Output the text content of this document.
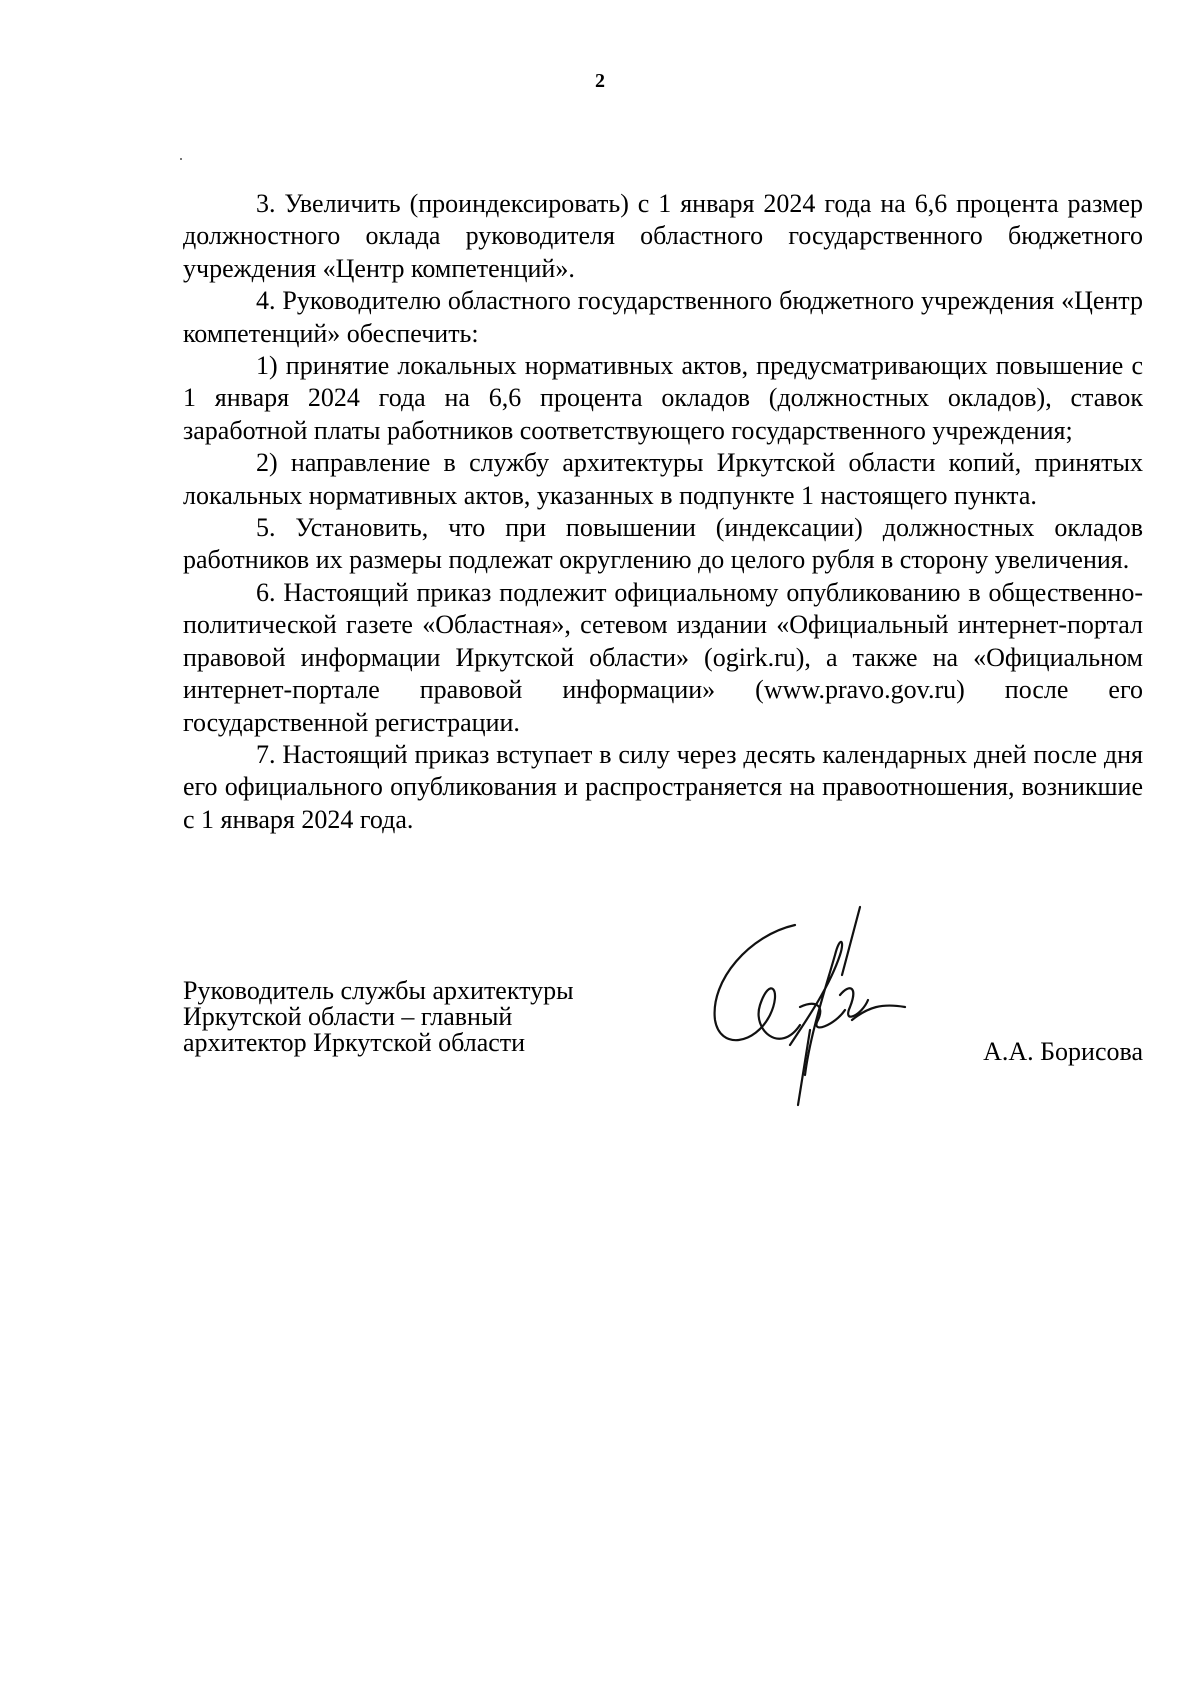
2

3. Увеличить (проиндексировать) с 1 января 2024 года на 6,6 процента размер должностного оклада руководителя областного государственного бюджетного учреждения «Центр компетенций».

4. Руководителю областного государственного бюджетного учреждения «Центр компетенций» обеспечить:

1) принятие локальных нормативных актов, предусматривающих повышение с 1 января 2024 года на 6,6 процента окладов (должностных окладов), ставок заработной платы работников соответствующего государственного учреждения;

2) направление в службу архитектуры Иркутской области копий, принятых локальных нормативных актов, указанных в подпункте 1 настоящего пункта.

5. Установить, что при повышении (индексации) должностных окладов работников их размеры подлежат округлению до целого рубля в сторону увеличения.

6. Настоящий приказ подлежит официальному опубликованию в общественно-политической газете «Областная», сетевом издании «Официальный интернет-портал правовой информации Иркутской области» (ogirk.ru), а также на «Официальном интернет-портале правовой информации» (www.pravo.gov.ru) после его государственной регистрации.

7. Настоящий приказ вступает в силу через десять календарных дней после дня его официального опубликования и распространяется на правоотношения, возникшие с 1 января 2024 года.

Руководитель службы архитектуры
Иркутской области – главный
архитектор Иркутской области	А.А. Борисова
